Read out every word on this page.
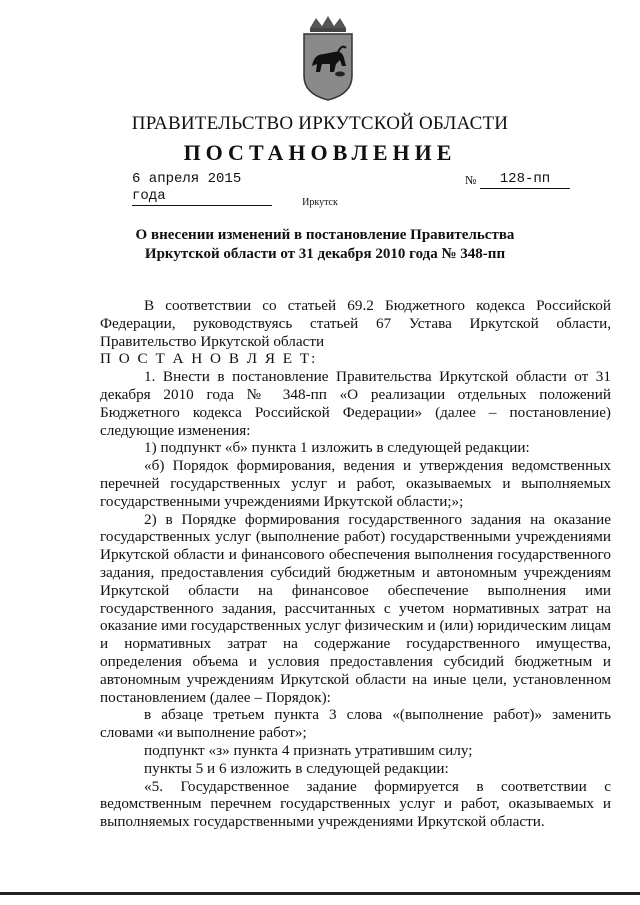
ПРАВИТЕЛЬСТВО ИРКУТСКОЙ ОБЛАСТИ
ПОСТАНОВЛЕНИЕ
6 апреля 2015 года
№	128-пп
Иркутск
О внесении изменений в постановление Правительства Иркутской области от 31 декабря 2010 года № 348-пп

В соответствии со статьей 69.2 Бюджетного кодекса Российской Федерации, руководствуясь статьей 67 Устава Иркутской области, Правительство Иркутской области

П О С Т А Н О В Л Я Е Т:

1. Внести в постановление Правительства Иркутской области от 31 декабря 2010 года № 348-пп «О реализации отдельных положений Бюджетного кодекса Российской Федерации» (далее – постановление) следующие изменения:

1) подпункт «б» пункта 1 изложить в следующей редакции:

«б) Порядок формирования, ведения и утверждения ведомственных перечней государственных услуг и работ, оказываемых и выполняемых государственными учреждениями Иркутской области;»;

2) в Порядке формирования государственного задания на оказание государственных услуг (выполнение работ) государственными учреждениями Иркутской области и финансового обеспечения выполнения государственного задания, предоставления субсидий бюджетным и автономным учреждениям Иркутской области на финансовое обеспечение выполнения ими государственного задания, рассчитанных с учетом нормативных затрат на оказание ими государственных услуг физическим и (или) юридическим лицам и нормативных затрат на содержание государственного имущества, определения объема и условия предоставления субсидий бюджетным и автономным учреждениям Иркутской области на иные цели, установленном постановлением (далее – Порядок):

в абзаце третьем пункта 3 слова «(выполнение работ)» заменить словами «и выполнение работ»;

подпункт «з» пункта 4 признать утратившим силу;

пункты 5 и 6 изложить в следующей редакции:

«5. Государственное задание формируется в соответствии с ведомственным перечнем государственных услуг и работ, оказываемых и выполняемых государственными учреждениями Иркутской области.
